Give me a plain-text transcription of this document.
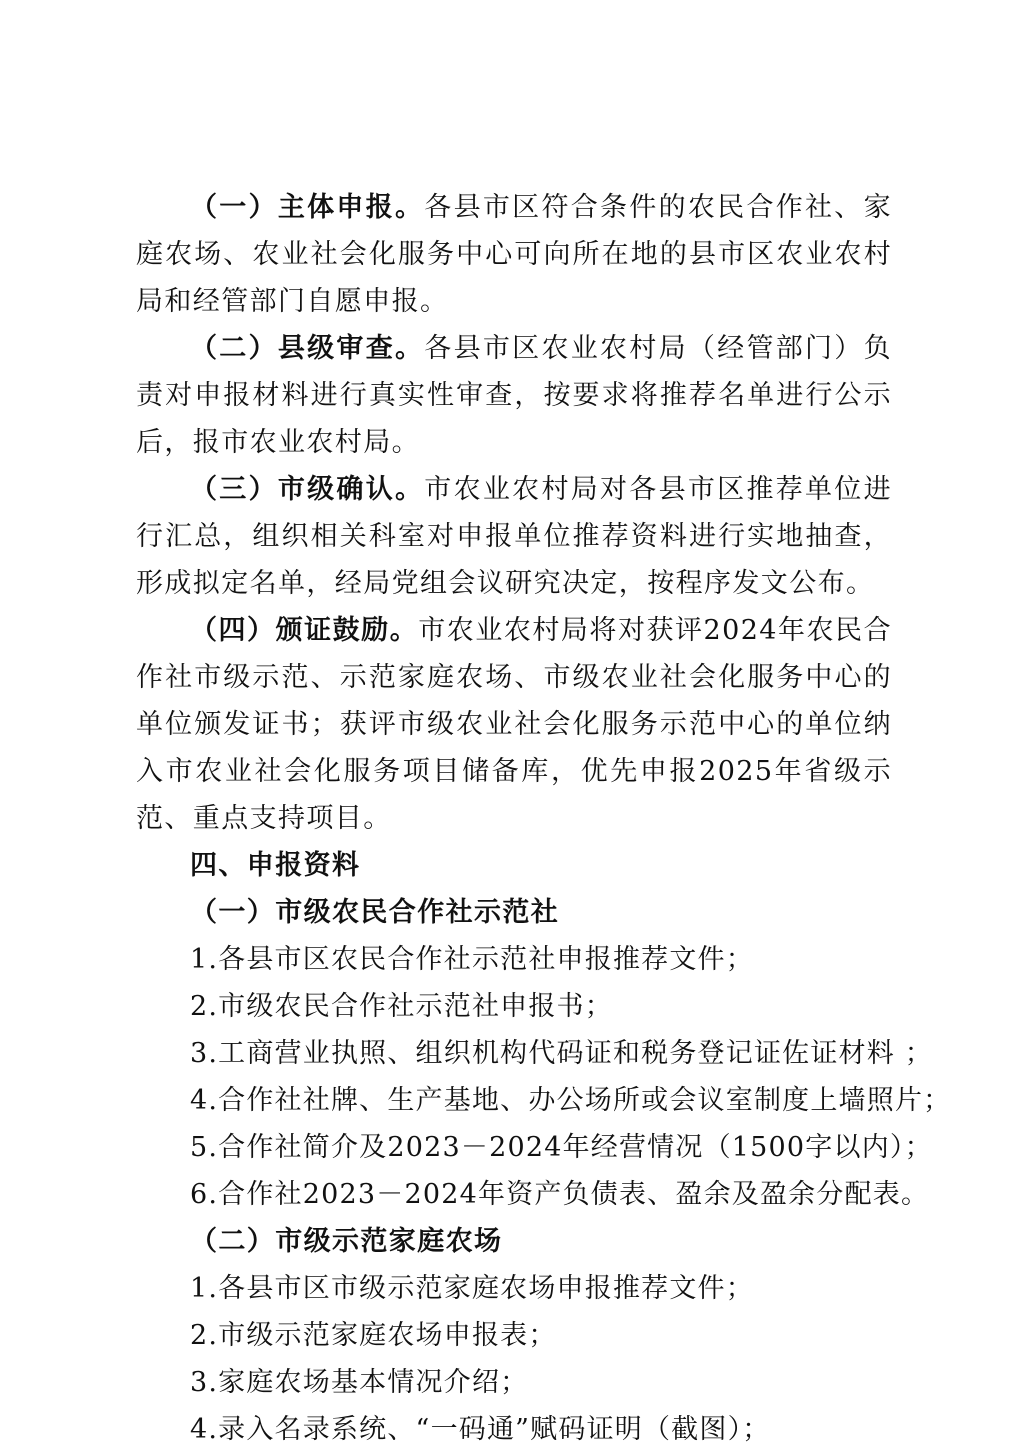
（一）主体申报。各县市区符合条件的农民合作社、家庭农场、农业社会化服务中心可向所在地的县市区农业农村局和经管部门自愿申报。

（二）县级审查。各县市区农业农村局（经管部门）负责对申报材料进行真实性审查，按要求将推荐名单进行公示后，报市农业农村局。

（三）市级确认。市农业农村局对各县市区推荐单位进行汇总，组织相关科室对申报单位推荐资料进行实地抽查，形成拟定名单，经局党组会议研究决定，按程序发文公布。

（四）颁证鼓励。市农业农村局将对获评2024年农民合作社市级示范、示范家庭农场、市级农业社会化服务中心的单位颁发证书；获评市级农业社会化服务示范中心的单位纳入市农业社会化服务项目储备库，优先申报2025年省级示范、重点支持项目。

四、申报资料

（一）市级农民合作社示范社

1.各县市区农民合作社示范社申报推荐文件；

2.市级农民合作社示范社申报书；

3.工商营业执照、组织机构代码证和税务登记证佐证材料 ；

4.合作社社牌、生产基地、办公场所或会议室制度上墙照片；

5.合作社简介及2023－2024年经营情况（1500字以内）；

6.合作社2023－2024年资产负债表、盈余及盈余分配表。

（二）市级示范家庭农场

1.各县市区市级示范家庭农场申报推荐文件；

2.市级示范家庭农场申报表；

3.家庭农场基本情况介绍；

4.录入名录系统、“一码通”赋码证明（截图）；
